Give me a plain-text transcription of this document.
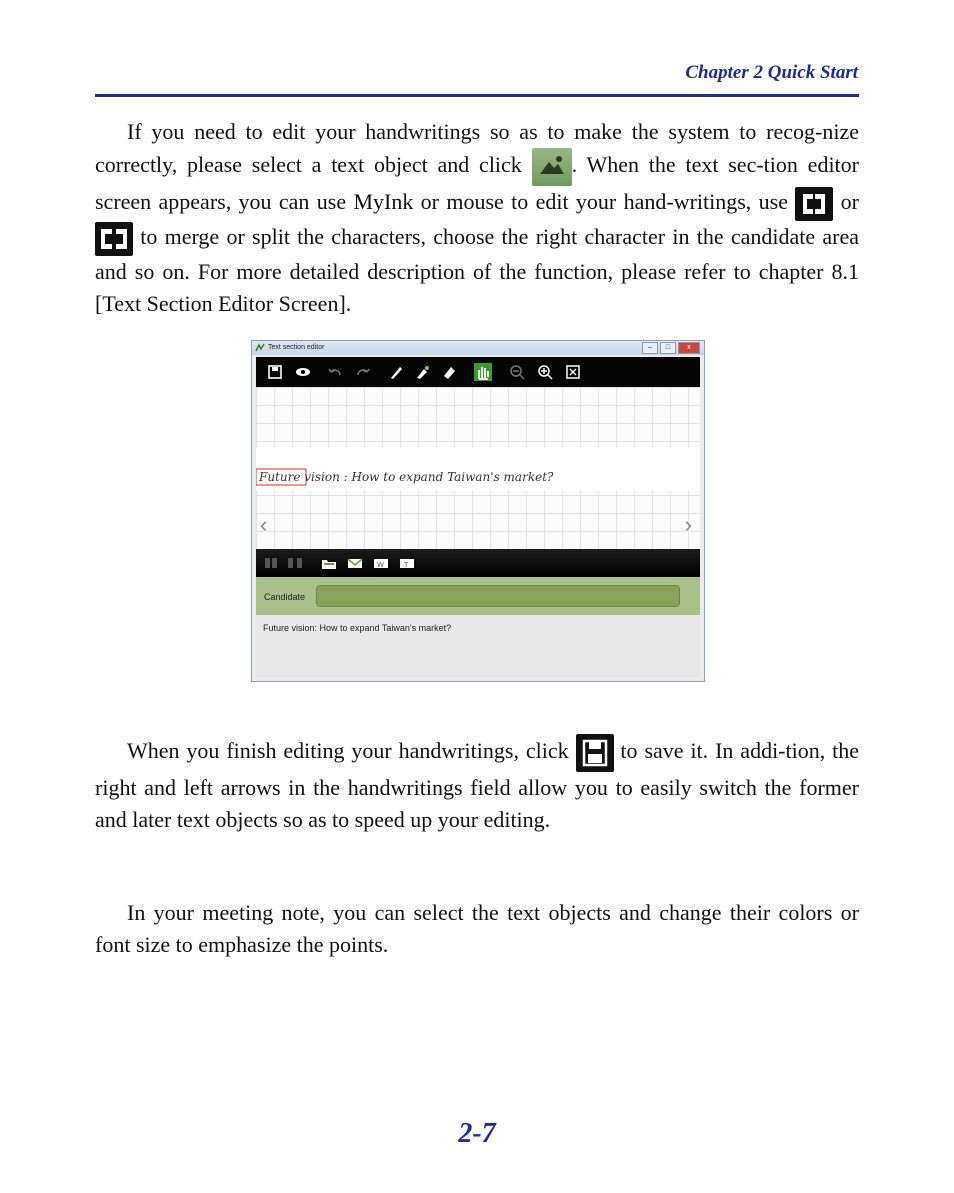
Chapter 2 Quick Start
If you need to edit your handwritings so as to make the system to recog-nize correctly, please select a text object and click
. When the text sec-tion editor screen appears, you can use MyInk or mouse to edit your hand-writings, use
or
to merge or split the characters, choose the right character in the candidate area and so on. For more detailed description of the function, please refer to chapter 8.1 [Text Section Editor Screen].
Text section editor	–	□	x
Future vision : How to expand Taiwan's market?
‹	›
W	T
Candidate
Future vision: How to expand Taiwan's market?
When you finish editing your handwritings, click
to save it. In addi-tion, the right and left arrows in the handwritings field allow you to easily switch the former and later text objects so as to speed up your editing.
In your meeting note, you can select the text objects and change their colors or font size to emphasize the points.
2-7
